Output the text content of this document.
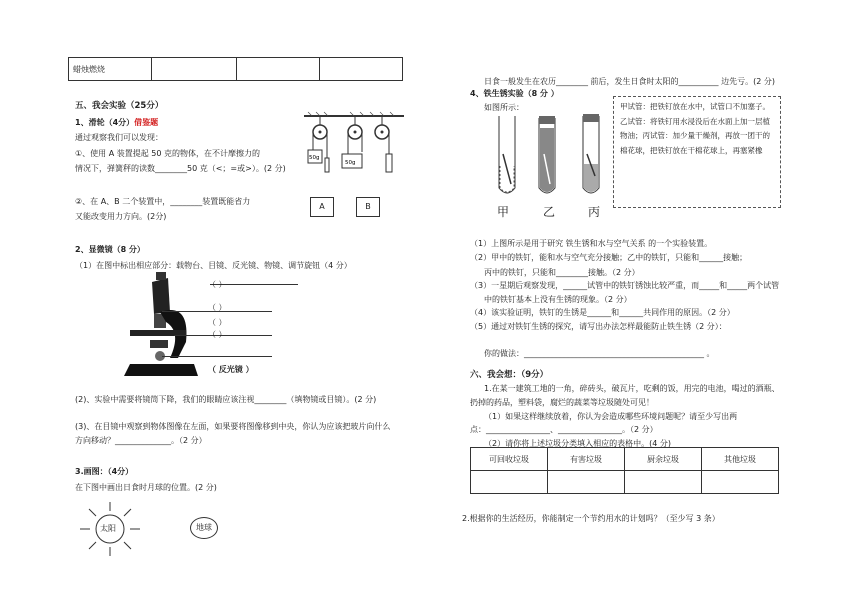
蜡烛燃烧			
五、我会实验（25分）
1、滑轮（4分）借鉴题
通过观察我们可以发现：
①、使用 A 装置提起 50 克的物体，在不计摩擦力的
情况下，弹簧秤的读数________50 克（<；=或>）。(2 分)
②、在 A、B 二个装置中，________装置既能省力
又能改变用力方向。(2分)
50g
50g
A	B
2、显微镜（8 分）
（1）在图中标出相应部分：载物台、目镜、反光镜、物镜、调节旋钮（4 分）
（ ）
（ ）
（ ）
（ ）
（ 反光镜 ）
(2)、实验中需要将镜筒下降，我们的眼睛应该注视________（填物镜或目镜）。(2 分)
(3)、在目镜中观察到物体图像在左面，如果要将图像移到中央，你认为应该把玻片向什么
方向移动？______________。（2 分）
3.画图：（4分）
在下图中画出日食时月球的位置。(2 分)
太阳	地球
日食一般发生在农历________ 前后，发生日食时太阳的__________ 边先亏。(2 分)
4、铁生锈实验（8 分 ）
如图所示：
甲	乙	丙
甲试管：把铁钉放在水中，试管口不加塞子。乙试管：将铁钉用水浸没后在水面上加一层植物油；丙试管：加少量干燥剂，再放一团干的棉花球，把铁钉放在干棉花球上，再塞紧橡
（1）上图所示是用于研究 铁生锈和水与空气关系 的一个实验装置。
（2）甲中的铁钉，能和水与空气充分接触；乙中的铁钉，只能和______接触；
丙中的铁钉，只能和________接触。（2 分）
（3）一星期后观察发现，______试管中的铁钉锈蚀比较严重，而_____和_____两个试管
中的铁钉基本上没有生锈的现象。（2 分）
（4）该实验证明，铁钉的生锈是______和______共同作用的原因。（2 分）
（5）通过对铁钉生锈的探究，请写出办法怎样最能防止铁生锈（2 分）：
你的做法：_____________________________________________ 。
六、我会想：（9分）
1.在某一建筑工地的一角，碎砖头，破瓦片，吃剩的饭，用完的电池，喝过的酒瓶、
扔掉的药品，塑料袋，腐烂的蔬菜等垃圾随处可见！
（1）如果这样继续放着，你认为会造成哪些环境问题呢？请至少写出两
点：________________、________________。（2 分）
（2）请你将上述垃圾分类填入相应的表格中。(4 分)
可回收垃圾	有害垃圾	厨余垃圾	其他垃圾

2.根据你的生活经历，你能制定一个节约用水的计划吗？（至少写 3 条）
